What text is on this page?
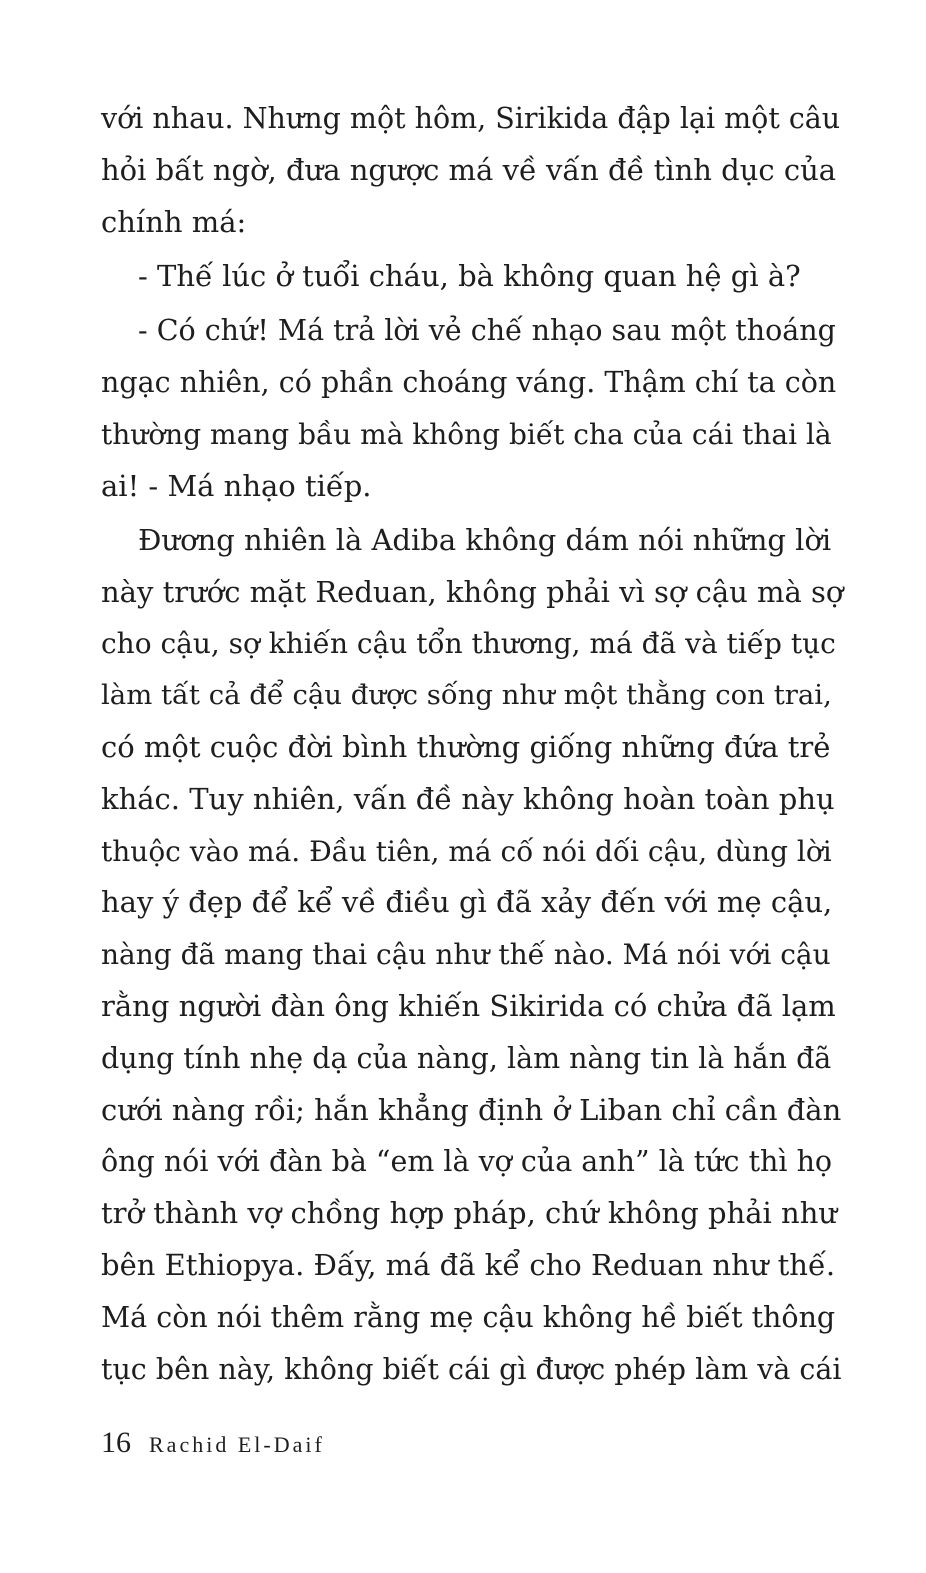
với nhau. Nhưng một hôm, Sirikida đập lại một câu
hỏi bất ngờ, đưa ngược má về vấn đề tình dục của
chính má:
- Thế lúc ở tuổi cháu, bà không quan hệ gì à?
- Có chứ! Má trả lời vẻ chế nhạo sau một thoáng
ngạc nhiên, có phần choáng váng. Thậm chí ta còn
thường mang bầu mà không biết cha của cái thai là
ai! - Má nhạo tiếp.
Đương nhiên là Adiba không dám nói những lời
này trước mặt Reduan, không phải vì sợ cậu mà sợ
cho cậu, sợ khiến cậu tổn thương, má đã và tiếp tục
làm tất cả để cậu được sống như một thằng con trai,
có một cuộc đời bình thường giống những đứa trẻ
khác. Tuy nhiên, vấn đề này không hoàn toàn phụ
thuộc vào má. Đầu tiên, má cố nói dối cậu, dùng lời
hay ý đẹp để kể về điều gì đã xảy đến với mẹ cậu,
nàng đã mang thai cậu như thế nào. Má nói với cậu
rằng người đàn ông khiến Sikirida có chửa đã lạm
dụng tính nhẹ dạ của nàng, làm nàng tin là hắn đã
cưới nàng rồi; hắn khẳng định ở Liban chỉ cần đàn
ông nói với đàn bà “em là vợ của anh” là tức thì họ
trở thành vợ chồng hợp pháp, chứ không phải như
bên Ethiopya. Đấy, má đã kể cho Reduan như thế.
Má còn nói thêm rằng mẹ cậu không hề biết thông
tục bên này, không biết cái gì được phép làm và cái
16 Rachid El-Daif
